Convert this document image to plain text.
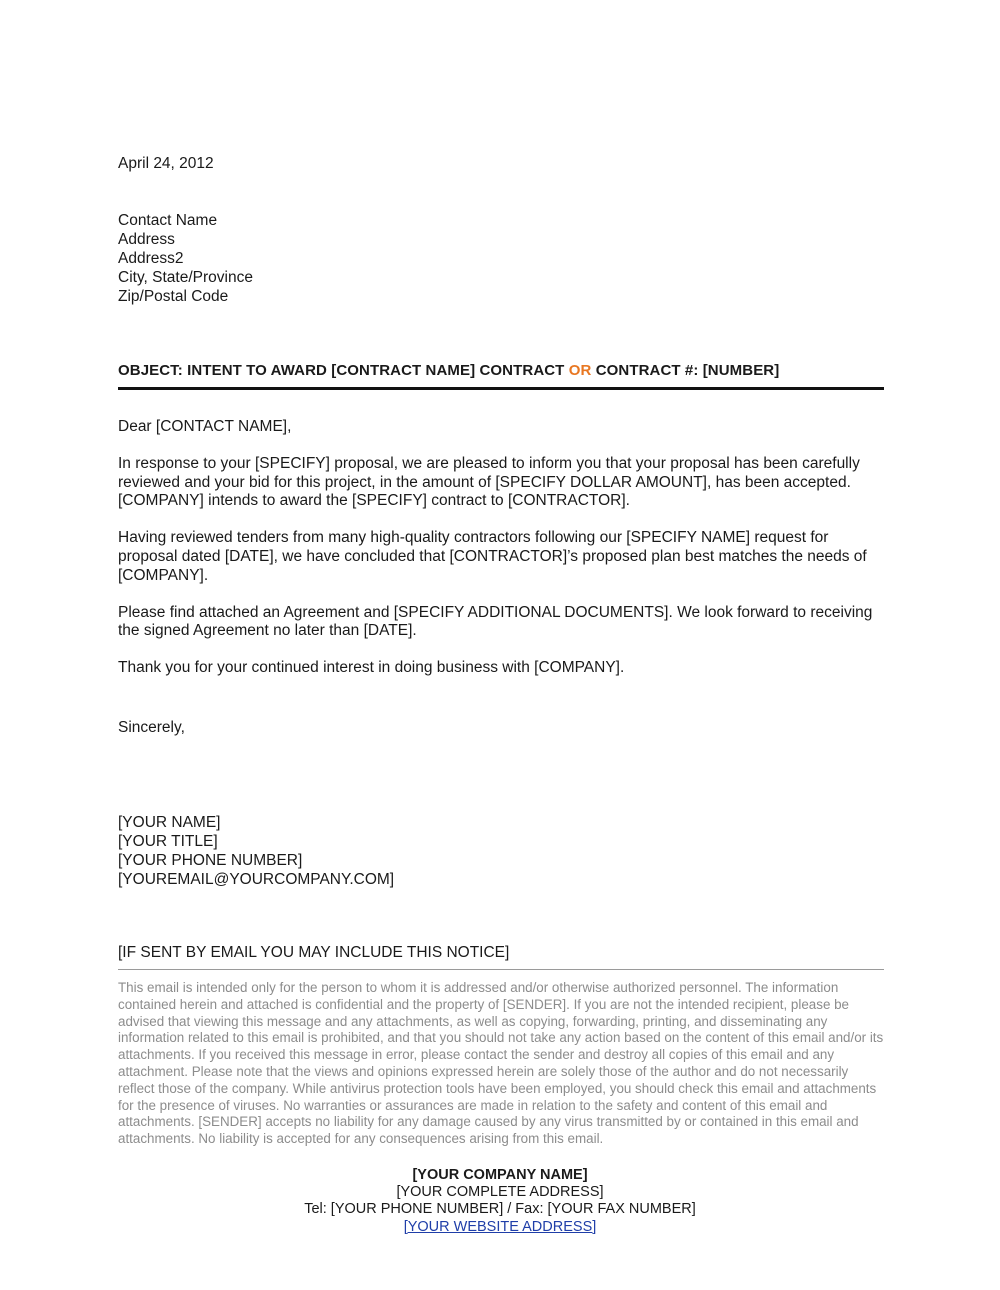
April 24, 2012
Contact Name
Address
Address2
City, State/Province
Zip/Postal Code
OBJECT: INTENT TO AWARD [CONTRACT NAME] CONTRACT OR CONTRACT #: [NUMBER]

Dear [CONTACT NAME],

In response to your [SPECIFY] proposal, we are pleased to inform you that your proposal has been carefully reviewed and your bid for this project, in the amount of [SPECIFY DOLLAR AMOUNT], has been accepted. [COMPANY] intends to award the [SPECIFY] contract to [CONTRACTOR].

Having reviewed tenders from many high-quality contractors following our [SPECIFY NAME] request for proposal dated [DATE], we have concluded that [CONTRACTOR]’s proposed plan best matches the needs of [COMPANY].

Please find attached an Agreement and [SPECIFY ADDITIONAL DOCUMENTS]. We look forward to receiving the signed Agreement no later than [DATE].

Thank you for your continued interest in doing business with [COMPANY].

Sincerely,
[YOUR NAME]
[YOUR TITLE]
[YOUR PHONE NUMBER]
[YOUREMAIL@YOURCOMPANY.COM]
[IF SENT BY EMAIL YOU MAY INCLUDE THIS NOTICE]
This email is intended only for the person to whom it is addressed and/or otherwise authorized personnel. The information contained herein and attached is confidential and the property of [SENDER]. If you are not the intended recipient, please be advised that viewing this message and any attachments, as well as copying, forwarding, printing, and disseminating any information related to this email is prohibited, and that you should not take any action based on the content of this email and/or its attachments. If you received this message in error, please contact the sender and destroy all copies of this email and any attachment. Please note that the views and opinions expressed herein are solely those of the author and do not necessarily reflect those of the company. While antivirus protection tools have been employed, you should check this email and attachments for the presence of viruses. No warranties or assurances are made in relation to the safety and content of this email and attachments. [SENDER] accepts no liability for any damage caused by any virus transmitted by or contained in this email and attachments. No liability is accepted for any consequences arising from this email.
[YOUR COMPANY NAME]
[YOUR COMPLETE ADDRESS]
Tel: [YOUR PHONE NUMBER] / Fax: [YOUR FAX NUMBER]
[YOUR WEBSITE ADDRESS]
